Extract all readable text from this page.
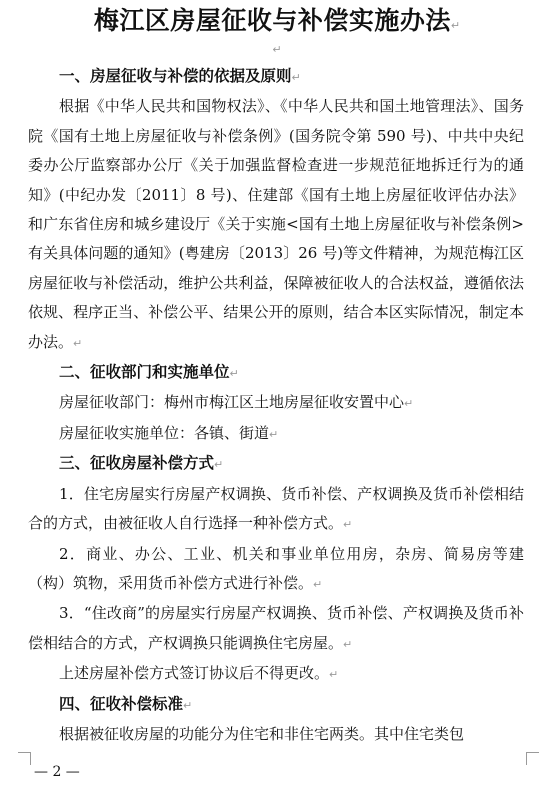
梅江区房屋征收与补偿实施办法↵
↵

一、房屋征收与补偿的依据及原则↵

根据《中华人民共和国物权法》、《中华人民共和国土地管理法》、国务院《国有土地上房屋征收与补偿条例》(国务院令第 590 号)、中共中央纪委办公厅监察部办公厅《关于加强监督检查进一步规范征地拆迁行为的通知》(中纪办发〔2011〕8 号)、住建部《国有土地上房屋征收评估办法》和广东省住房和城乡建设厅《关于实施<国有土地上房屋征收与补偿条例>有关具体问题的通知》(粤建房〔2013〕26 号)等文件精神，为规范梅江区房屋征收与补偿活动，维护公共利益，保障被征收人的合法权益，遵循依法依规、程序正当、补偿公平、结果公开的原则，结合本区实际情况，制定本办法。↵

二、征收部门和实施单位↵

房屋征收部门：梅州市梅江区土地房屋征收安置中心↵

房屋征收实施单位：各镇、街道↵

三、征收房屋补偿方式↵

1．住宅房屋实行房屋产权调换、货币补偿、产权调换及货币补偿相结合的方式，由被征收人自行选择一种补偿方式。↵

2．商业、办公、工业、机关和事业单位用房，杂房、简易房等建（构）筑物，采用货币补偿方式进行补偿。↵

3．“住改商”的房屋实行房屋产权调换、货币补偿、产权调换及货币补偿相结合的方式，产权调换只能调换住宅房屋。↵

上述房屋补偿方式签订协议后不得更改。↵

四、征收补偿标准↵

根据被征收房屋的功能分为住宅和非住宅两类。其中住宅类包

— 2 —
